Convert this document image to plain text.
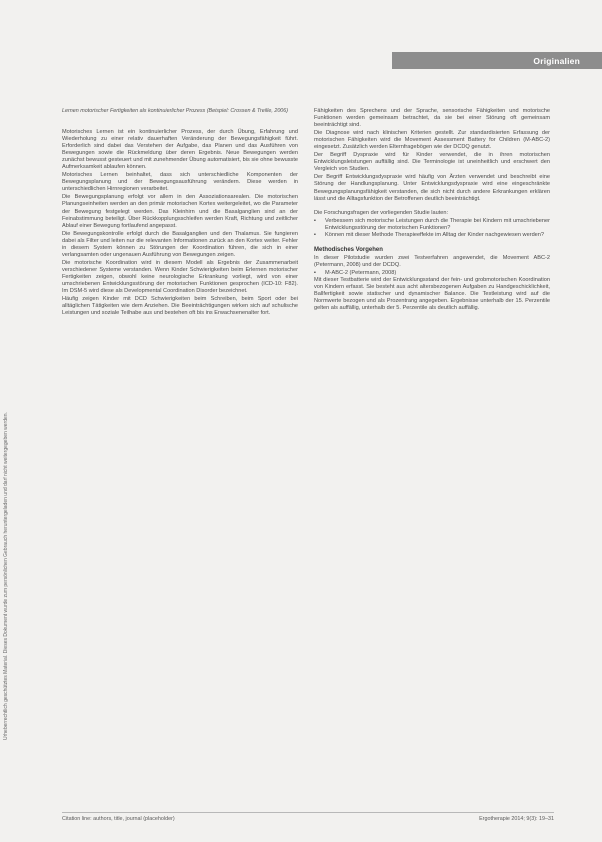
Originalien
Urheberrechtlich geschütztes Material. Dieses Dokument wurde zum persönlichen Gebrauch heruntergeladen und darf nicht weitergegeben werden.
Lernen motorischer Fertigkeiten als kontinuierlicher Prozess (Beispiel: Crossen & Treille, 2006)

Motorisches Lernen ist ein kontinuierlicher Prozess, der durch Übung, Erfahrung und Wiederholung zu einer relativ dauerhaften Veränderung der Bewegungsfähigkeit führt. Erforderlich sind dabei das Verstehen der Aufgabe, das Planen und das Ausführen von Bewegungen sowie die Rückmeldung über deren Ergebnis. Neue Bewegungen werden zunächst bewusst gesteuert und mit zunehmender Übung automatisiert, bis sie ohne bewusste Aufmerksamkeit ablaufen können.

Motorisches Lernen beinhaltet, dass sich unterschiedliche Komponenten der Bewegungsplanung und der Bewegungsausführung verändern. Diese werden in unterschiedlichen Hirnregionen verarbeitet.

Die Bewegungsplanung erfolgt vor allem in den Assoziationsarealen. Die motorischen Planungseinheiten werden an den primär motorischen Kortex weitergeleitet, wo die Parameter der Bewegung festgelegt werden. Das Kleinhirn und die Basalganglien sind an der Feinabstimmung beteiligt. Über Rückkopplungsschleifen werden Kraft, Richtung und zeitlicher Ablauf einer Bewegung fortlaufend angepasst.

Die Bewegungskontrolle erfolgt durch die Basalganglien und den Thalamus. Sie fungieren dabei als Filter und leiten nur die relevanten Informationen zurück an den Kortex weiter. Fehler in diesem System können zu Störungen der Koordination führen, die sich in einer verlangsamten oder ungenauen Ausführung von Bewegungen zeigen.

Die motorische Koordination wird in diesem Modell als Ergebnis der Zusammenarbeit verschiedener Systeme verstanden. Wenn Kinder Schwierigkeiten beim Erlernen motorischer Fertigkeiten zeigen, obwohl keine neurologische Erkrankung vorliegt, wird von einer umschriebenen Entwicklungsstörung der motorischen Funktionen gesprochen (ICD-10: F82). Im DSM-5 wird diese als Developmental Coordination Disorder bezeichnet.

Häufig zeigen Kinder mit DCD Schwierigkeiten beim Schreiben, beim Sport oder bei alltäglichen Tätigkeiten wie dem Anziehen. Die Beeinträchtigungen wirken sich auf schulische Leistungen und soziale Teilhabe aus und bestehen oft bis ins Erwachsenenalter fort.

Fähigkeiten des Sprechens und der Sprache, sensorische Fähigkeiten und motorische Funktionen werden gemeinsam betrachtet, da sie bei einer Störung oft gemeinsam beeinträchtigt sind.

Die Diagnose wird nach klinischen Kriterien gestellt. Zur standardisierten Erfassung der motorischen Fähigkeiten wird die Movement Assessment Battery for Children (M-ABC-2) eingesetzt. Zusätzlich werden Elternfragebögen wie der DCDQ genutzt.

Der Begriff Dyspraxie wird für Kinder verwendet, die in ihren motorischen Entwicklungsleistungen auffällig sind. Die Terminologie ist uneinheitlich und erschwert den Vergleich von Studien.

Der Begriff Entwicklungsdyspraxie wird häufig von Ärzten verwendet und beschreibt eine Störung der Handlungsplanung. Unter Entwicklungsdyspraxie wird eine eingeschränkte Bewegungsplanungsfähigkeit verstanden, die sich nicht durch andere Erkrankungen erklären lässt und die Alltagsfunktion der Betroffenen deutlich beeinträchtigt.

Die Forschungsfragen der vorliegenden Studie lauten:

▪	Verbessern sich motorische Leistungen durch die Therapie bei Kindern mit umschriebener Entwicklungsstörung der motorischen Funktionen?
▪	Können mit dieser Methode Therapieeffekte im Alltag der Kinder nachgewiesen werden?
Methodisches Vorgehen

In dieser Pilotstudie wurden zwei Testverfahren angewendet, die Movement ABC-2 (Petermann, 2008) und der DCDQ.

▪	M-ABC-2 (Petermann, 2008)

Mit dieser Testbatterie wird der Entwicklungsstand der fein- und grobmotorischen Koordination von Kindern erfasst. Sie besteht aus acht altersbezogenen Aufgaben zu Handgeschicklichkeit, Ballfertigkeit sowie statischer und dynamischer Balance. Die Testleistung wird auf die Normwerte bezogen und als Prozentrang angegeben. Ergebnisse unterhalb der 15. Perzentile gelten als auffällig, unterhalb der 5. Perzentile als deutlich auffällig.

Citation line: authors, title, journal (placeholder)	Ergotherapie 2014; 9(3): 19–31
